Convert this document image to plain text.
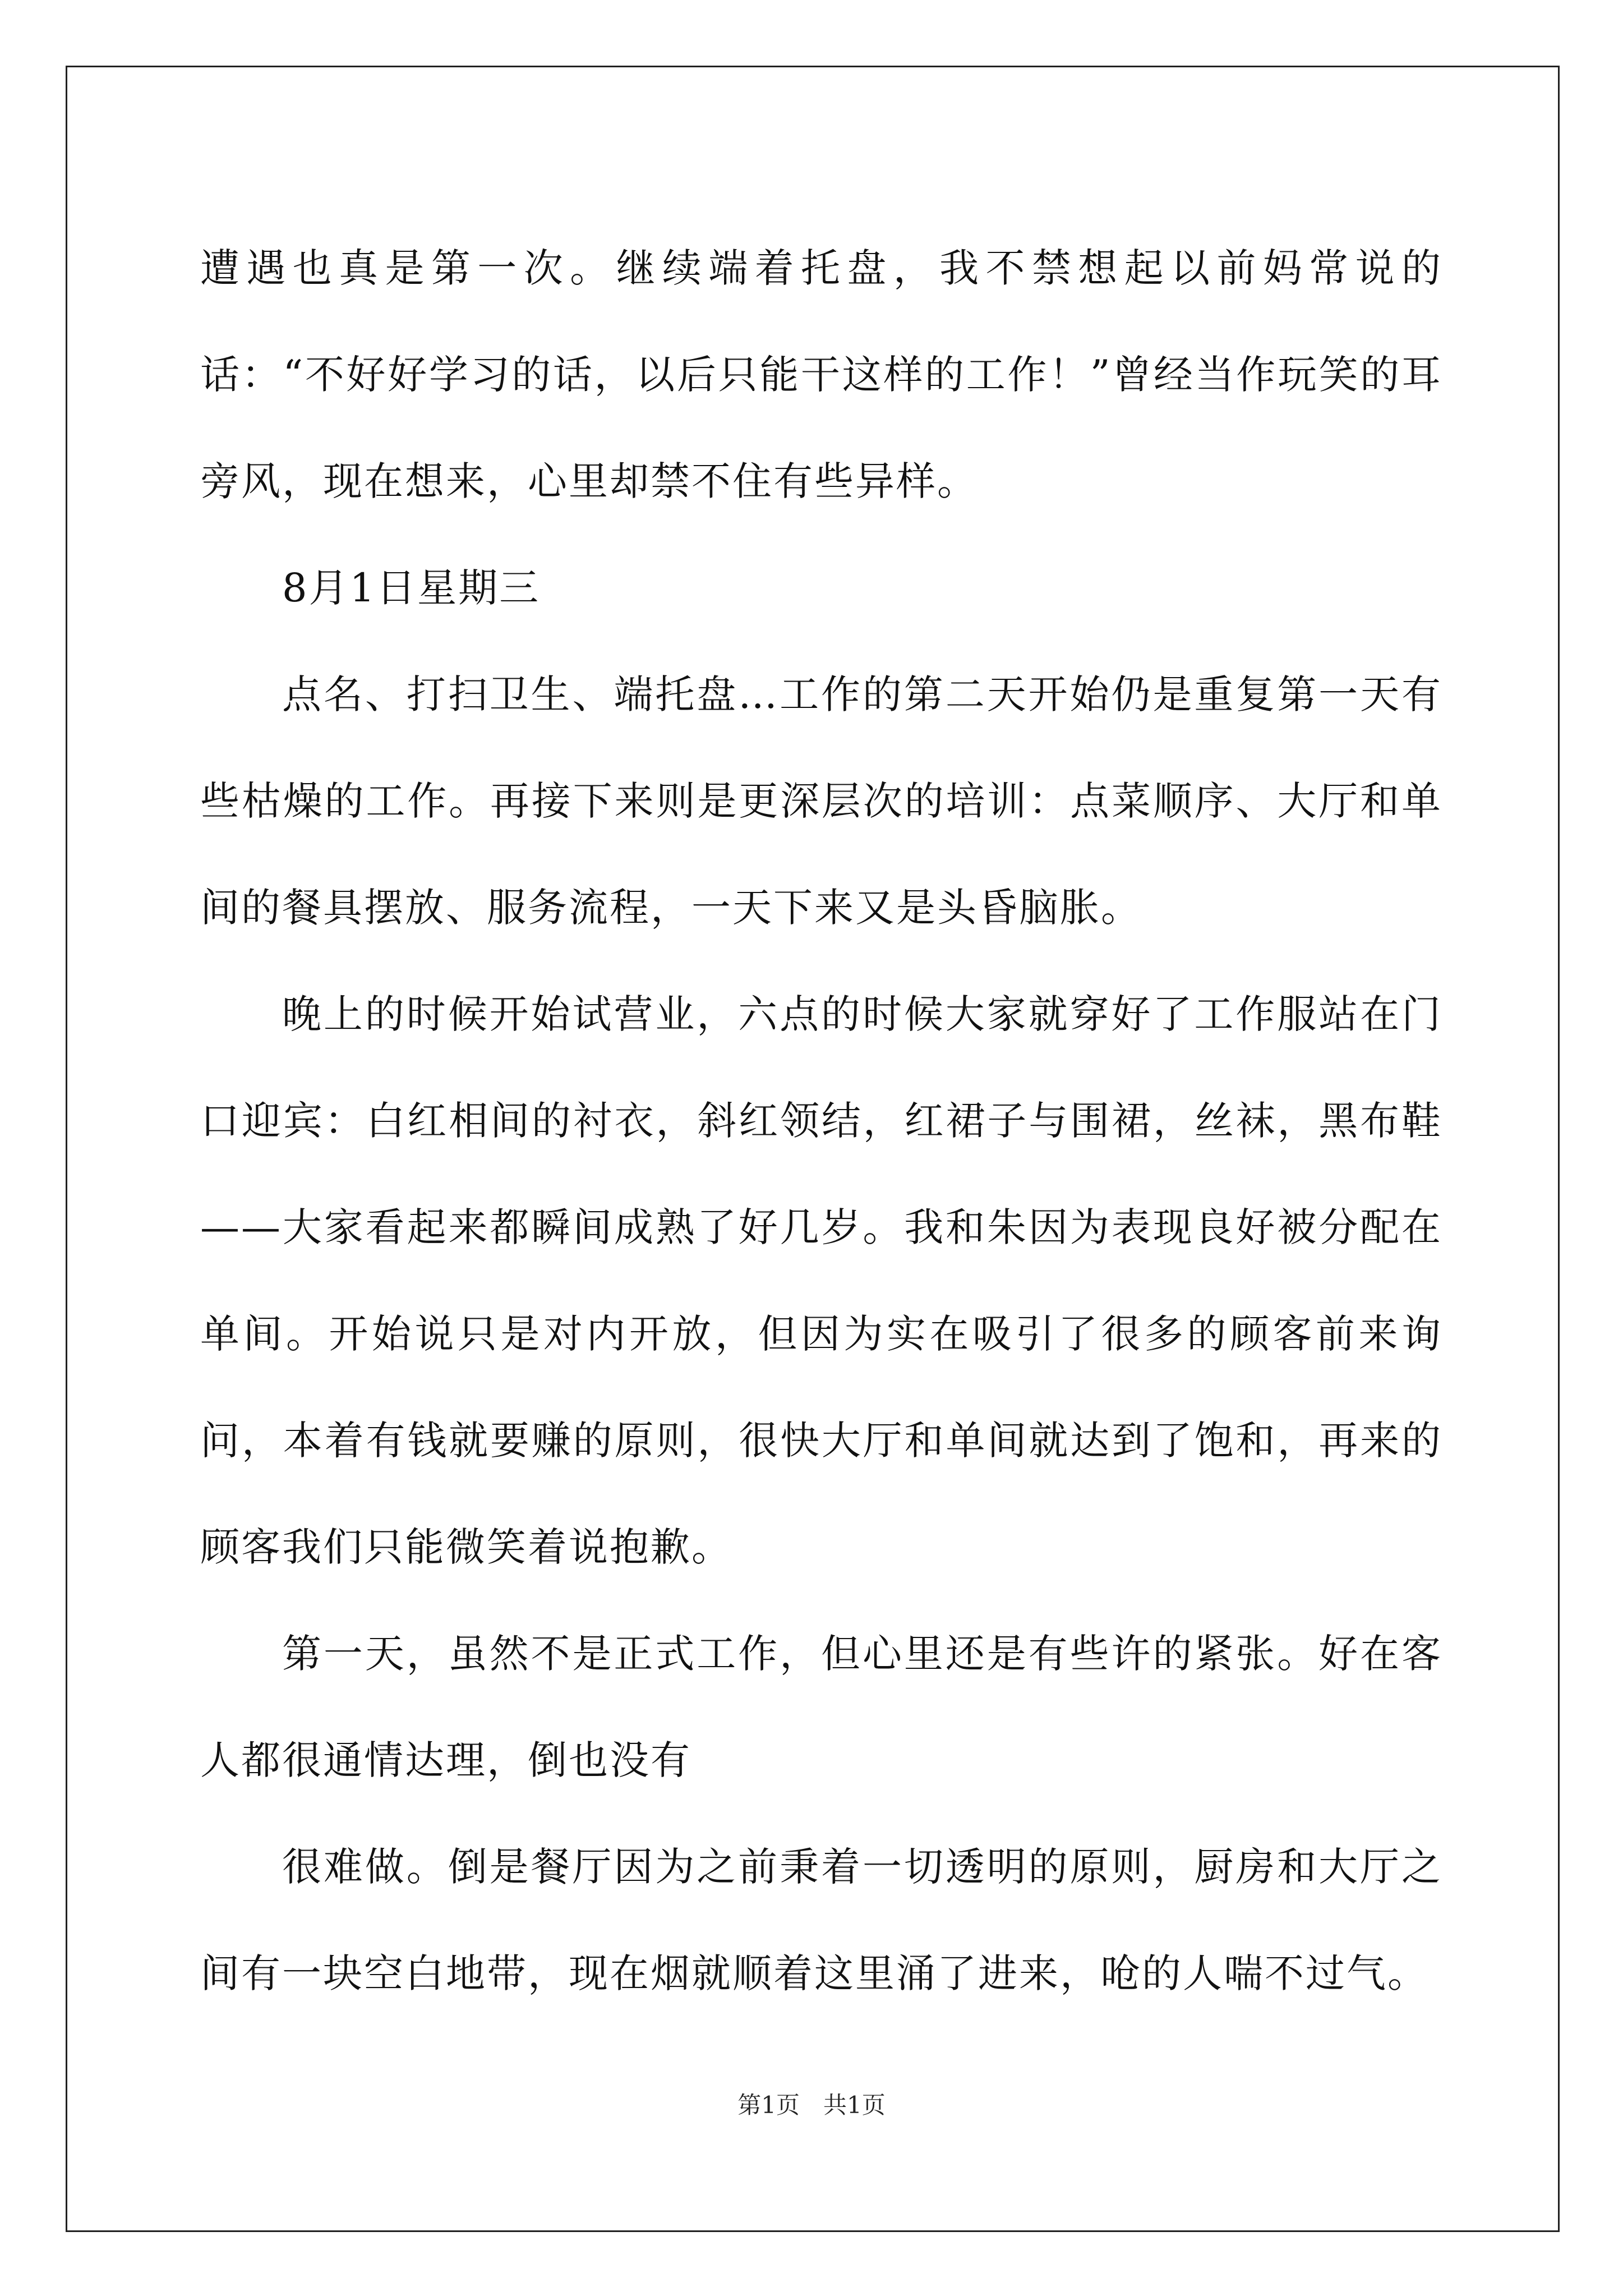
遭遇也真是第一次。继续端着托盘，我不禁想起以前妈常说的话：“不好好学习的话，以后只能干这样的工作！”曾经当作玩笑的耳旁风，现在想来，心里却禁不住有些异样。

8月1日星期三

点名、打扫卫生、端托盘…工作的第二天开始仍是重复第一天有些枯燥的工作。再接下来则是更深层次的培训：点菜顺序、大厅和单间的餐具摆放、服务流程，一天下来又是头昏脑胀。

晚上的时候开始试营业，六点的时候大家就穿好了工作服站在门口迎宾：白红相间的衬衣，斜红领结，红裙子与围裙，丝袜，黑布鞋——大家看起来都瞬间成熟了好几岁。我和朱因为表现良好被分配在单间。开始说只是对内开放，但因为实在吸引了很多的顾客前来询问，本着有钱就要赚的原则，很快大厅和单间就达到了饱和，再来的顾客我们只能微笑着说抱歉。

第一天，虽然不是正式工作，但心里还是有些许的紧张。好在客人都很通情达理，倒也没有

很难做。倒是餐厅因为之前秉着一切透明的原则，厨房和大厅之间有一块空白地带，现在烟就顺着这里涌了进来，呛的人喘不过气。

第1页　共1页
